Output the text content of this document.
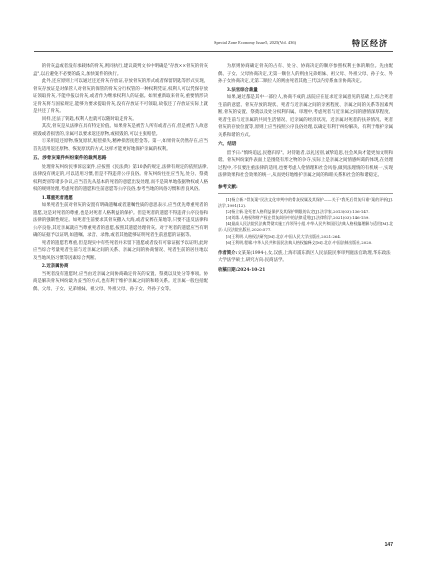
Special Zone Economy Issue5, 2025(Vol. 436)	特区经济

的骨灰盒或者没有承载体的骨灰,则同执行,建议裁判文书中明确是"存放××骨灰的骨灰盒",以后避免不必要的歧义,加快案件的执行。

此外,还应原则上可以通过还还骨灰存放证,存放骨灰的形式或者保留钥匙等形式实现。骨灰存放证是对保管人对骨灰的保管的骨灰分行权管的一种权利凭证,权利人可以凭保存放证领取骨灰,不能申报以骨灰,或者作为继承权利人的证据。如果重新取来骨灰,重要情形决定骨灰将与国家规定,能够为要求提取骨灰,没有存放证不可领取,故依还了存放证实际上就是共还了骨灰。

同样,还法了钥匙,权利人也就可以随时取走骨灰。

其次,骨灰是从法律在具有特定价值。如果骨灰是被告人所有或者占有,但是被告人故意损毁或者损害的,亲属可以要求返还原物,或损毁的,可以主张赔偿。

①采用返还原物,恢复原状,赔偿损失,精神损害抚慰金等。第一,如果骨灰仍然存在,应当首先适用返还原物、恢复原状的方式,这样才能更好地保护亲属的权利。

五、涉骨灰案件纠纷案件的裁判思路

处理骨灰纠纷民事诉讼案件,应按照《民法典》第10条的规定,法律有规定的依照法律,法律没有规定的,可以适用习惯,但是不得违背公序良俗。骨灰纠纷往往应当先,处分、祭奠权利类别等诸多争议,应当首先从基本的死者的意愿出发处理,而不是简单地依据物权或人格权的规则处理,考虑死者的遗愿和生前意愿等公序良俗,参考当地的风俗习惯和善良风俗。

1.尊重死者遗愿

如果死者生前对骨灰的安置有明确遗嘱或者遗嘱性质的意思表示,应当优先尊重死者的遗愿,这是对死者的尊重,也是对死者人格利益的保护。但是死者的遗愿不得违背公序良俗和法律的强制性规定。如死者生前要求其骨灰撒入大海,或者安葬在某地等,只要不违反法律和公序良俗,其近亲属就应当尊重死者的意愿,按照其遗愿处理骨灰。对于死者的遗愿应当有明确的证据予以证明,如遗嘱、录音、录像,或者其他能够证明死者生前意愿的证据等。

死者的遗愿若尊重,但是现实中有些死者并未留下遗愿或者没有可靠证据予以证明,此时应当综合考量死者生前与近亲属之间的关系、亲属之间的协商情况、死者生前的居住地以及当地风俗习惯等因素综合判断。

2.近亲属协商

当死者没有遗愿时,应当由近亲属之间协商确定骨灰的安置、祭奠以及处分等事项。协商是解决骨灰纠纷最为妥当的方式,也有利于维护亲属之间的和睦关系。近亲属一般包括配偶、父母、子女、兄弟姐妹、祖父母、外祖父母、孙子女、外孙子女等。

为原则协商确定骨灰的占有、处分、协商决定的顺序参照权利主体的顺位。先由配偶、子女、父母协商决定,无第一顺位人的则由兄弟姐妹、祖父母、外祖父母、孙子女、外孙子女协商决定,无第二顺位人的则由死者其他三代以内旁系血亲协商决定。

3.法官综合裁量

如果,通过都是其中一部位人,协商不成的,法院应在征求近亲属意见的基础上,综合死者生前的意愿、骨灰存放的现状、死者与近亲属之间的亲密程度、亲属之间的关系等因素判断,骨灰的安置、祭奠以及处分权利归属。审理中,考虑死者与近亲属之间的感情深厚程度、死者生前与近亲属的共同生活情况、近亲属的经济状况、近亲属对死者的扶养情况、死者骨灰的存放位置等,原则上应当按照公序良俗处理,以确定有利于纠纷解决、有利于维护亲属关系和谐的方式。

六、结语

留予日:"慎终追远,民德归厚"。对待逝者,以礼送别,诚挚追思,往会风尚才能更加文明和谐。骨灰纠纷案件表面上是围绕有形之物的争夺,实际上是亲属之间情感纠葛的体现,在处理过程中,不仅要注重法律的适用,也要考虑人伦情理和社会风俗,做到法理情的有机统一,实现法律效果和社会效果的统一,从而更好地维护亲属之间的和睦关系和社会的和谐稳定。

参考文献:

[1]杨立新."骨灰案"民法文化审判中的骨灰权属及其保护——关于"我死后骨灰归谁"案的评析[J].法学,1991(12).

[2]杨立新.论死者人格利益保护及其保护期限的认定[J].法学家,2013(03):136-147.

[3]刘练.人格权和财产权在骨灰纠纷中的法律适用[J].法律科学,2021(03):146-159.

[4]最高人民法院民法典贯彻实施工作领导小组.中华人民共和国民法典人格权编理解与适用[M].北京:人民法院出版社,2020:577.

[5]王利明.人格权法研究[M].北京:中国人民大学出版社,2021:264.

[6]王利明,程啸.中华人民共和国民法典人格权编释义[M].北京:中国法制出版社,2020.

作者简介:文某某(1994-),女,汉族,上海市浦东新区人民法院民事审判庭法官助理,华东政法大学法学硕士,研究方向:民商法学。
收稿日期:2024-10-21
147
